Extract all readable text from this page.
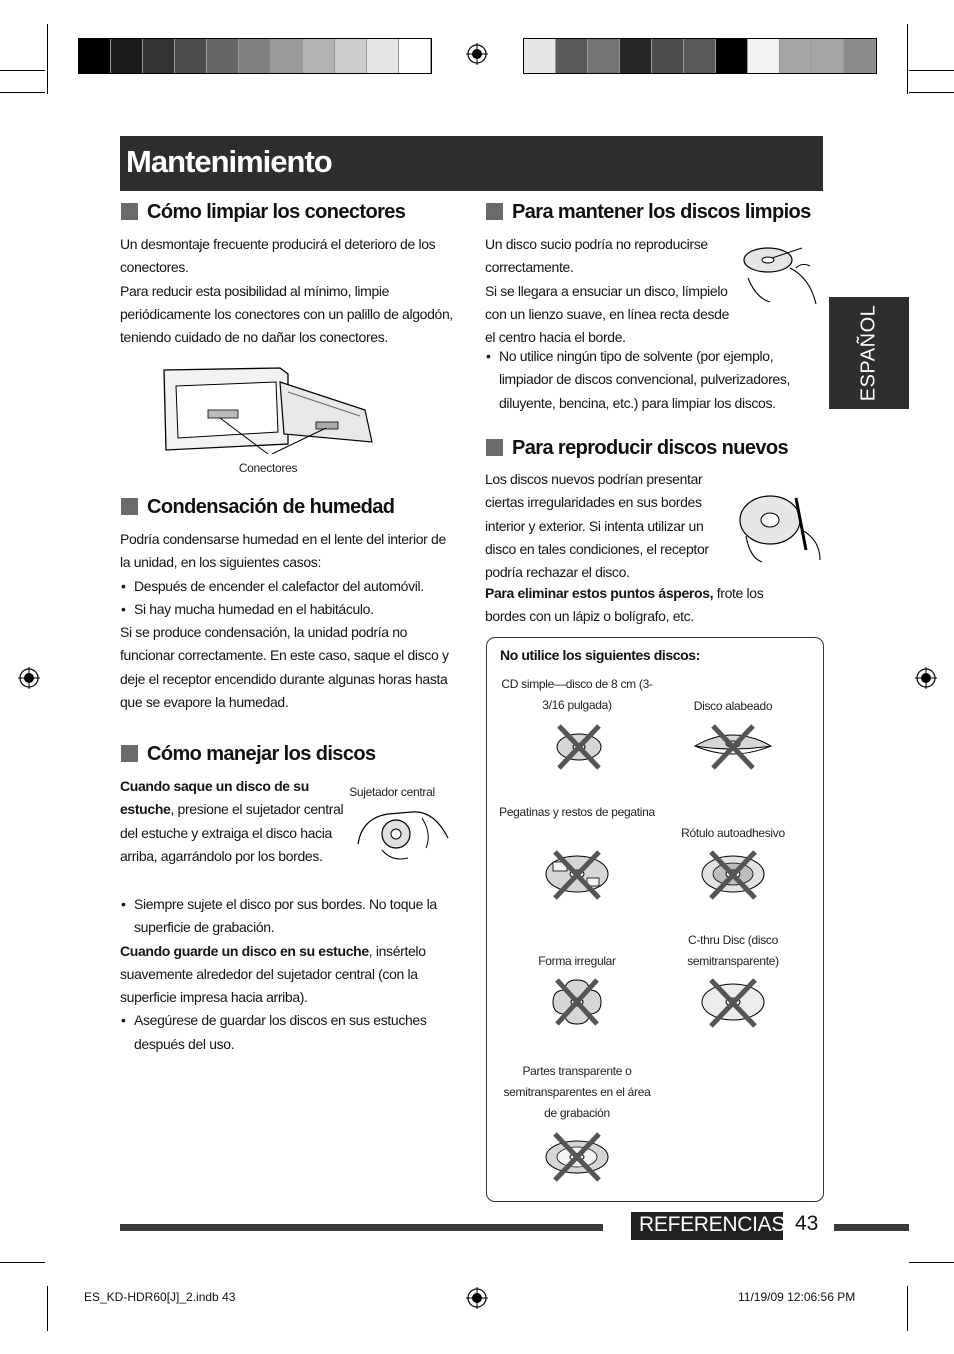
Mantenimiento
ESPAÑOL
Cómo limpiar los conectores

Un desmontaje frecuente producirá el deterioro de los conectores.

Para reducir esta posibilidad al mínimo, limpie periódicamente los conectores con un palillo de algodón, teniendo cuidado de no dañar los conectores.

Conectores
Condensación de humedad

Podría condensarse humedad en el lente del interior de la unidad, en los siguientes casos:

• Después de encender el calefactor del automóvil.

• Si hay mucha humedad en el habitáculo.

Si se produce condensación, la unidad podría no funcionar correctamente. En este caso, saque el disco y deje el receptor encendido durante algunas horas hasta que se evapore la humedad.

Cómo manejar los discos

Cuando saque un disco de su estuche, presione el sujetador central del estuche y extraiga el disco hacia arriba, agarrándolo por los bordes.

Sujetador central

• Siempre sujete el disco por sus bordes. No toque la superficie de grabación.

Cuando guarde un disco en su estuche, insértelo suavemente alrededor del sujetador central (con la superficie impresa hacia arriba).

• Asegúrese de guardar los discos en sus estuches después del uso.

Para mantener los discos limpios

Un disco sucio podría no reproducirse correctamente.

Si se llegara a ensuciar un disco, límpielo con un lienzo suave, en línea recta desde el centro hacia el borde.

• No utilice ningún tipo de solvente (por ejemplo, limpiador de discos convencional, pulverizadores, diluyente, bencina, etc.) para limpiar los discos.

Para reproducir discos nuevos

Los discos nuevos podrían presentar ciertas irregularidades en sus bordes interior y exterior. Si intenta utilizar un disco en tales condiciones, el receptor podría rechazar el disco.

Para eliminar estos puntos ásperos, frote los bordes con un lápiz o bolígrafo, etc.

No utilice los siguientes discos:
CD simple—disco de 8 cm (3-3/16 pulgada)	Disco alabeado
Pegatinas y restos de pegatina
Rótulo autoadhesivo
Forma irregular
C-thru Disc (disco semitransparente)
Partes transparente o semitransparentes en el área de grabación
REFERENCIAS 43
ES_KD-HDR60[J]_2.indb 43	11/19/09 12:06:56 PM
